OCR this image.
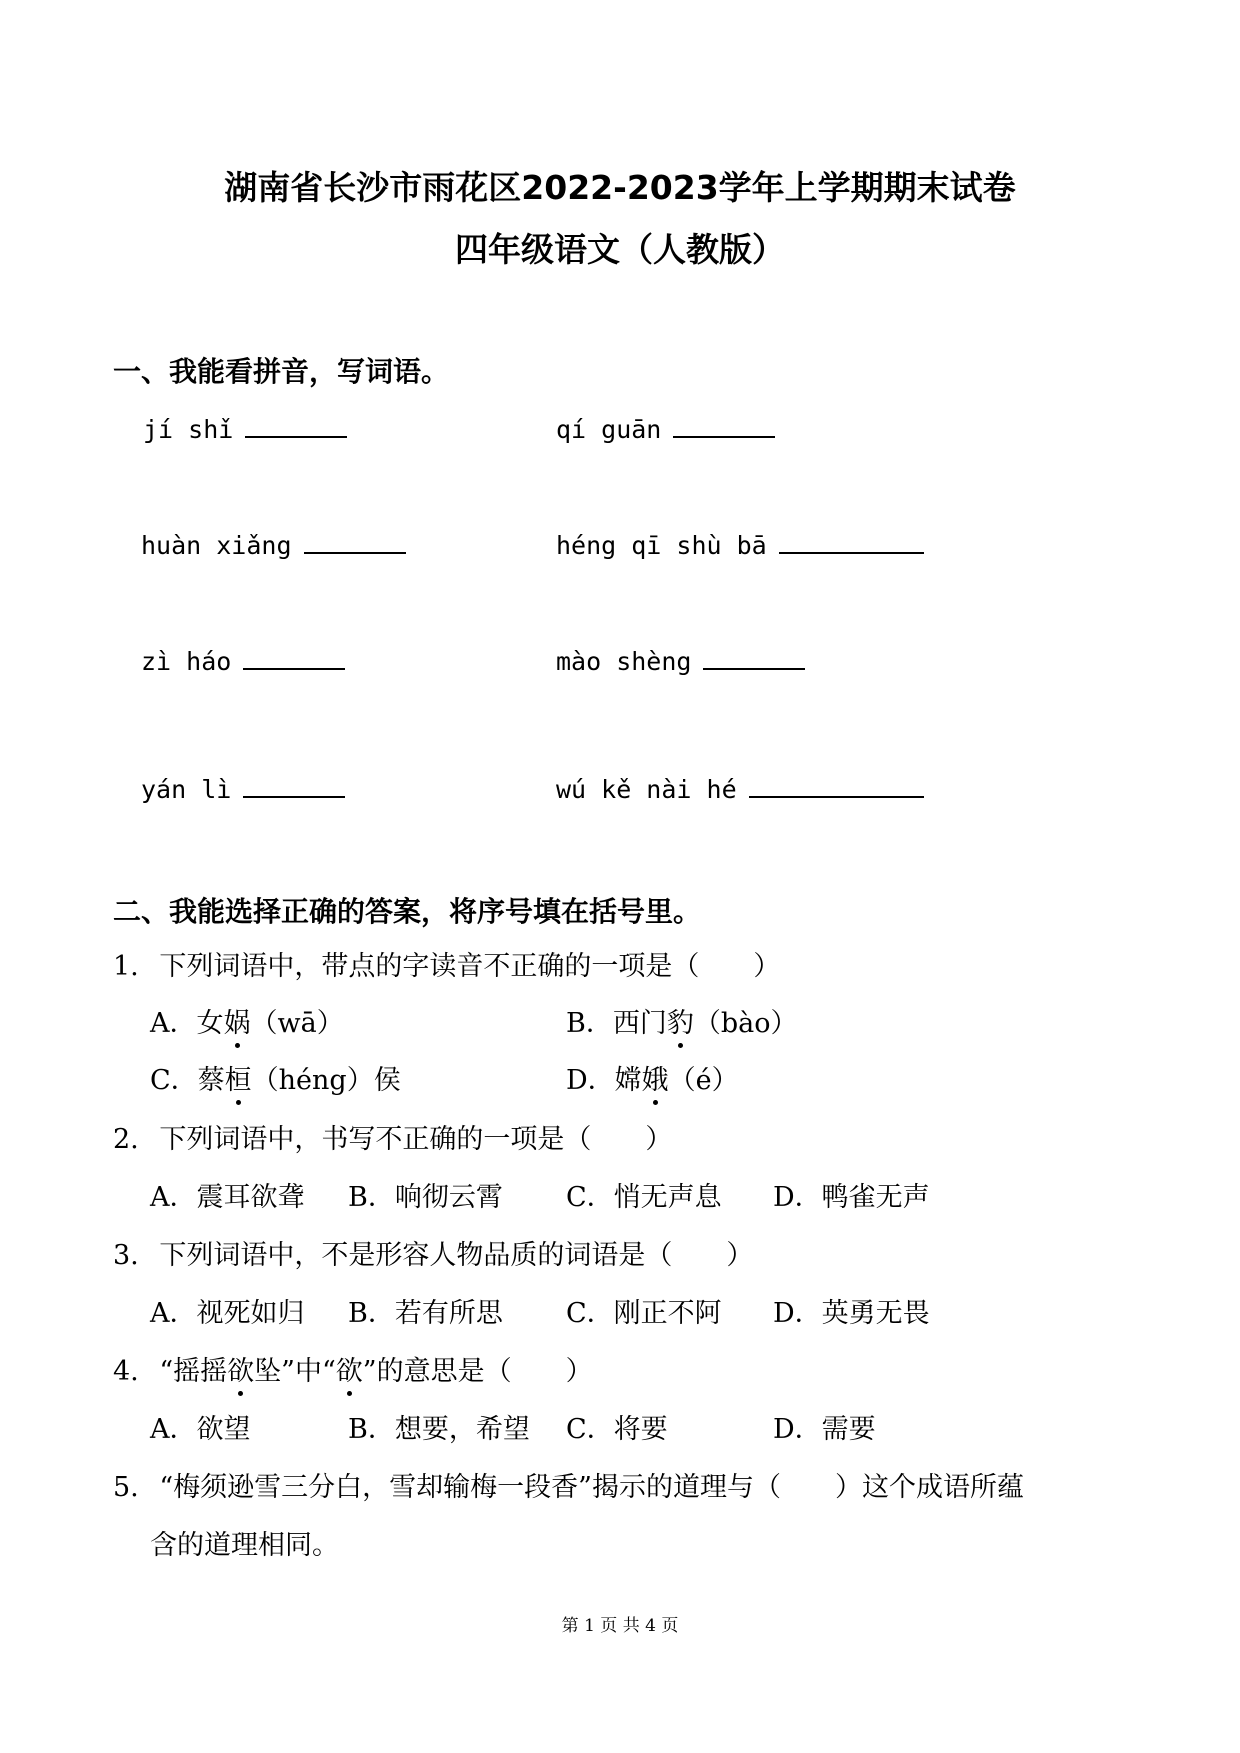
湖南省长沙市雨花区2022-2023学年上学期期末试卷
四年级语文（人教版）
一、我能看拼音，写词语。
jí shǐ	qí guān
huàn xiǎng	héng qī shù bā
zì háo	mào shèng
yán lì	wú kě nài hé
二、我能选择正确的答案，将序号填在括号里。
1. 下列词语中，带点的字读音不正确的一项是（　　）
A．女娲（wā）	B．西门豹（bào）
C．蔡桓（héng）侯	D．嫦娥（é）
2. 下列词语中，书写不正确的一项是（　　）
A．震耳欲聋 B．响彻云霄 C．悄无声息 D．鸭雀无声
3. 下列词语中，不是形容人物品质的词语是（　　）
A．视死如归 B．若有所思 C．刚正不阿 D．英勇无畏
4. “摇摇欲坠”中“欲”的意思是（　　）
A．欲望	B．想要，希望 C．将要	D．需要
5. “梅须逊雪三分白，雪却输梅一段香”揭示的道理与（　　）这个成语所蕴
含的道理相同。
第 1 页 共 4 页
